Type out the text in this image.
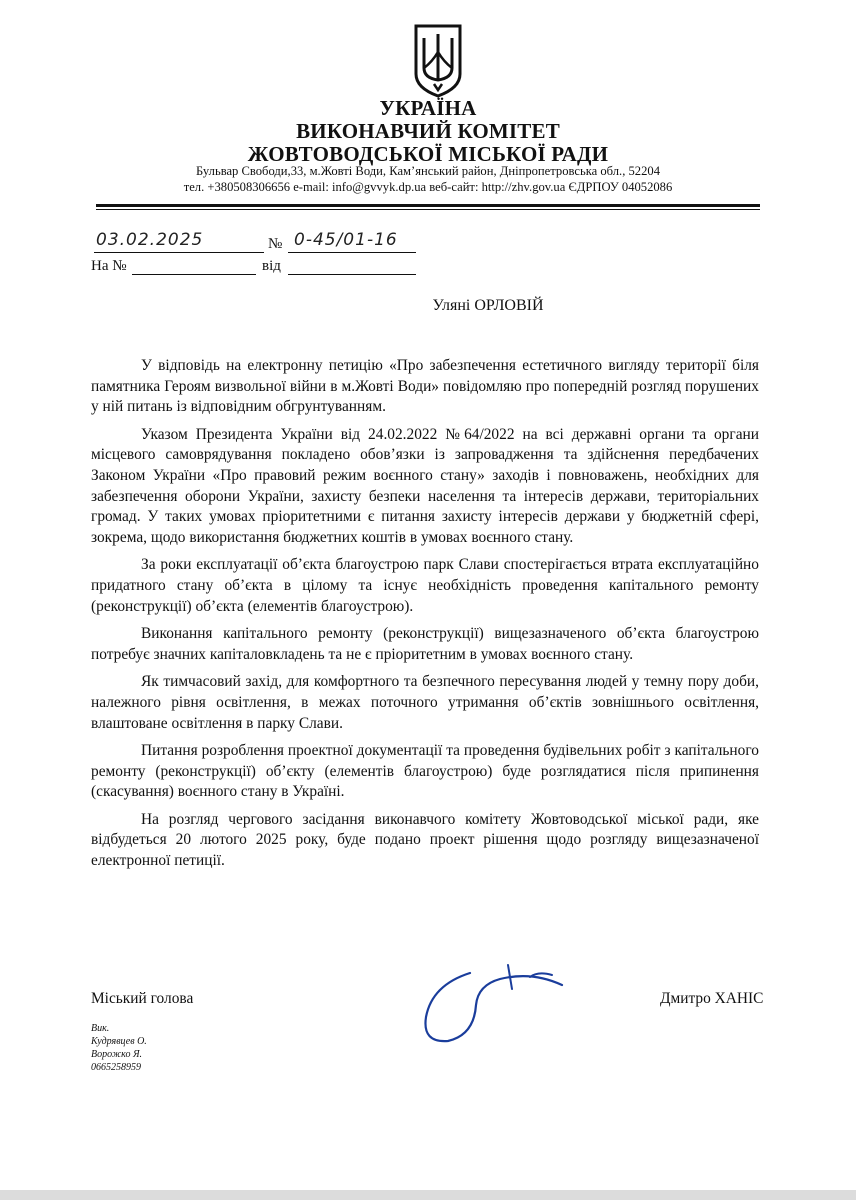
УКРАЇНА
ВИКОНАВЧИЙ КОМІТЕТ
ЖОВТОВОДСЬКОЇ МІСЬКОЇ РАДИ
Бульвар Свободи,33, м.Жовті Води, Кам’янський район, Дніпропетровська обл., 52204
тел. +380508306656 e-mail: info@gvvyk.dp.ua веб-сайт: http://zhv.gov.ua ЄДРПОУ 04052086
03.02.2025	№ 0-45/01-16
На №	від
Уляні ОРЛОВІЙ

У відповідь на електронну петицію «Про забезпечення естетичного вигляду території біля памятника Героям визвольної війни в м.Жовті Води» повідомляю про попередній розгляд порушених у ній питань із відповідним обгрунтуванням.

Указом Президента України від 24.02.2022 №64/2022 на всі державні органи та органи місцевого самоврядування покладено обов’язки із запровадження та здійснення передбачених Законом України «Про правовий режим воєнного стану» заходів і повноважень, необхідних для забезпечення оборони України, захисту безпеки населення та інтересів держави, територіальних громад. У таких умовах пріоритетними є питання захисту інтересів держави у бюджетній сфері, зокрема, щодо використання бюджетних коштів в умовах воєнного стану.

За роки експлуатації об’єкта благоустрою парк Слави спостерігається втрата експлуатаційно придатного стану об’єкта в цілому та існує необхідність проведення капітального ремонту (реконструкції) об’єкта (елементів благоустрою).

Виконання капітального ремонту (реконструкції) вищезазначеного об’єкта благоустрою потребує значних капіталовкладень та не є пріоритетним в умовах воєнного стану.

Як тимчасовий захід, для комфортного та безпечного пересування людей у темну пору доби, належного рівня освітлення, в межах поточного утримання об’єктів зовнішнього освітлення, влаштоване освітлення в парку Слави.

Питання розроблення проектної документації та проведення будівельних робіт з капітального ремонту (реконструкції) об’єкту (елементів благоустрою) буде розглядатися після припинення (скасування) воєнного стану в Україні.

На розгляд чергового засідання виконавчого комітету Жовтоводської міської ради, яке відбудеться 20 лютого 2025 року, буде подано проект рішення щодо розгляду вищезазначеної електронної петиції.

Міський голова	Дмитро ХАНІС
Вик.
Кудрявцев О.
Ворожко Я.
0665258959
